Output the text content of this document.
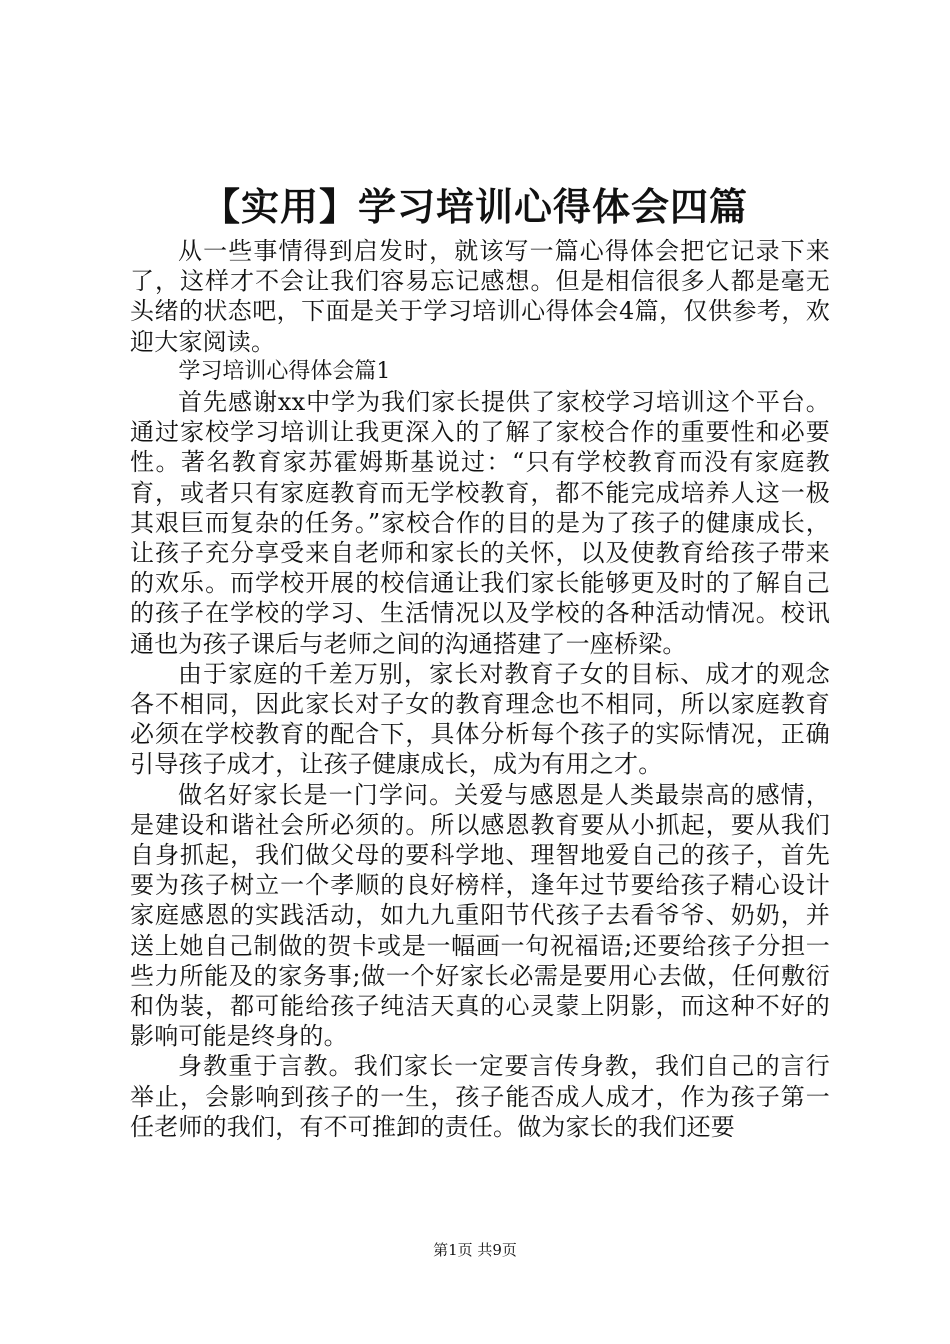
【实用】学习培训心得体会四篇

从一些事情得到启发时，就该写一篇心得体会把它记录下来了，这样才不会让我们容易忘记感想。但是相信很多人都是毫无头绪的状态吧，下面是关于学习培训心得体会4篇，仅供参考，欢迎大家阅读。

学习培训心得体会篇1

首先感谢xx中学为我们家长提供了家校学习培训这个平台。通过家校学习培训让我更深入的了解了家校合作的重要性和必要性。著名教育家苏霍姆斯基说过：“只有学校教育而没有家庭教育，或者只有家庭教育而无学校教育，都不能完成培养人这一极其艰巨而复杂的任务。”家校合作的目的是为了孩子的健康成长，让孩子充分享受来自老师和家长的关怀，以及使教育给孩子带来的欢乐。而学校开展的校信通让我们家长能够更及时的了解自己的孩子在学校的学习、生活情况以及学校的各种活动情况。校讯通也为孩子课后与老师之间的沟通搭建了一座桥梁。

由于家庭的千差万别，家长对教育子女的目标、成才的观念各不相同，因此家长对子女的教育理念也不相同，所以家庭教育必须在学校教育的配合下，具体分析每个孩子的实际情况，正确引导孩子成才，让孩子健康成长，成为有用之才。

做名好家长是一门学问。关爱与感恩是人类最崇高的感情，是建设和谐社会所必须的。所以感恩教育要从小抓起，要从我们自身抓起，我们做父母的要科学地、理智地爱自己的孩子，首先要为孩子树立一个孝顺的良好榜样，逢年过节要给孩子精心设计家庭感恩的实践活动，如九九重阳节代孩子去看爷爷、奶奶，并送上她自己制做的贺卡或是一幅画一句祝福语;还要给孩子分担一些力所能及的家务事;做一个好家长必需是要用心去做，任何敷衍和伪装，都可能给孩子纯洁天真的心灵蒙上阴影，而这种不好的影响可能是终身的。

身教重于言教。我们家长一定要言传身教，我们自己的言行举止，会影响到孩子的一生，孩子能否成人成才，作为孩子第一任老师的我们，有不可推卸的责任。做为家长的我们还要

第1页 共9页
